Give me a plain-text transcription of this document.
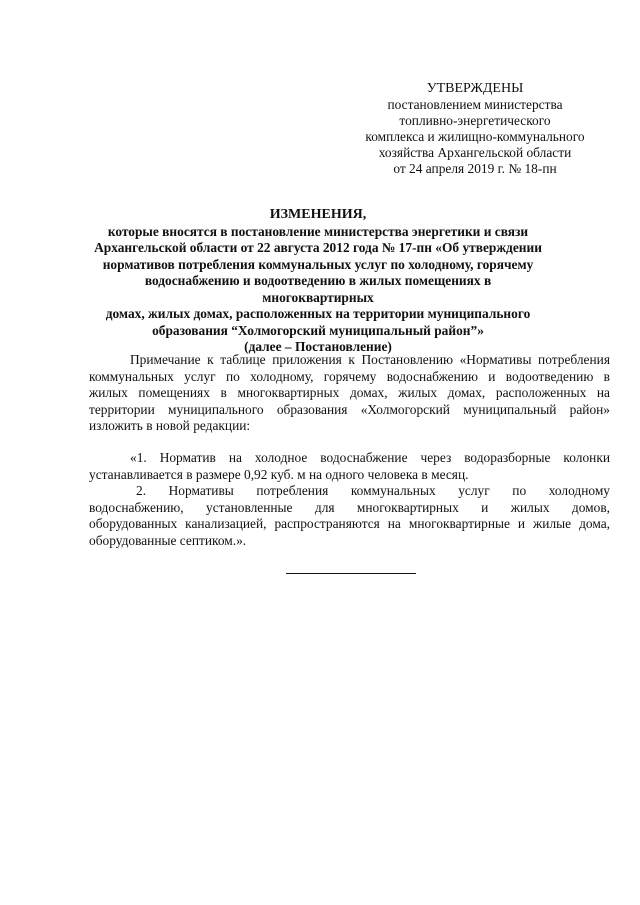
УТВЕРЖДЕНЫ
постановлением министерства
топливно-энергетического
комплекса и жилищно-коммунального
хозяйства Архангельской области
от 24 апреля 2019 г. № 18-пн
ИЗМЕНЕНИЯ,
которые вносятся в постановление министерства энергетики и связи
Архангельской области от 22 августа 2012 года № 17-пн «Об утверждении
нормативов потребления коммунальных услуг по холодному, горячему
водоснабжению и водоотведению в жилых помещениях в многоквартирных
домах, жилых домах, расположенных на территории муниципального
образования “Холмогорский муниципальный район”»
(далее – Постановление)
Примечание к таблице приложения к Постановлению «Нормативы потребления
коммунальных услуг по холодному, горячему водоснабжению и водоотведению в
жилых помещениях в многоквартирных домах, жилых домах, расположенных на
территории муниципального образования «Холмогорский муниципальный район»
изложить в новой редакции:
«1. Норматив на холодное водоснабжение через водоразборные колонки
устанавливается в размере 0,92 куб. м на одного человека в месяц.
2. Нормативы потребления коммунальных услуг по холодному
водоснабжению, установленные для многоквартирных и жилых домов,
оборудованных канализацией, распространяются на многоквартирные и жилые дома,
оборудованные септиком.».
